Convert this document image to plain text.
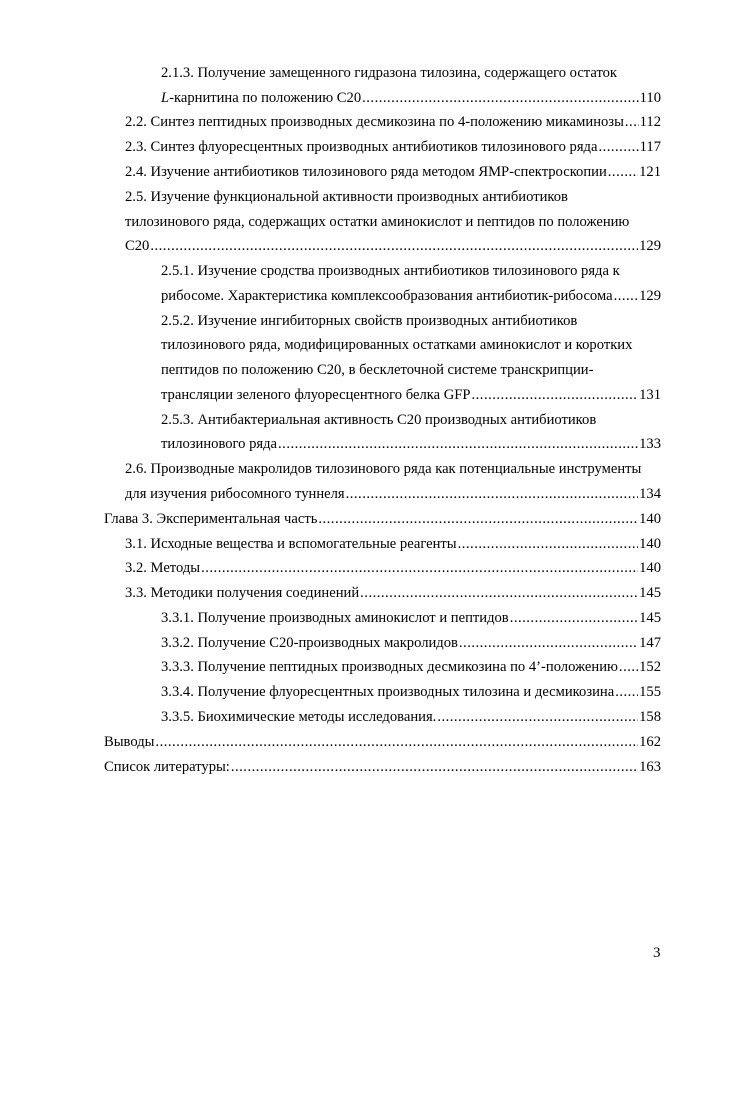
2.1.3. Получение замещенного гидразона тилозина, содержащего остаток
L-карнитина по положению С20 .....	110
2.2. Синтез пептидных производных десмикозина по 4-положению микаминозы ..... 112
2.3. Синтез флуоресцентных производных антибиотиков тилозинового ряда .....	117
2.4. Изучение антибиотиков тилозинового ряда методом ЯМР-спектроскопии ..... 121
2.5. Изучение функциональной активности производных антибиотиков
тилозинового ряда, содержащих остатки аминокислот и пептидов по положению
С20 .....	129
2.5.1. Изучение сродства производных антибиотиков тилозинового ряда к
рибосоме. Характеристика комплексообразования антибиотик-рибосома ..... 129
2.5.2. Изучение ингибиторных свойств производных антибиотиков
тилозинового ряда, модифицированных остатками аминокислот и коротких
пептидов по положению С20, в бесклеточной системе транскрипции-
трансляции зеленого флуоресцентного белка GFP .....	131
2.5.3. Антибактериальная активность С20 производных антибиотиков
тилозинового ряда .....	133
2.6. Производные макролидов тилозинового ряда как потенциальные инструменты
для изучения рибосомного туннеля .....	134
Глава 3. Экспериментальная часть .....	140
3.1. Исходные вещества и вспомогательные реагенты .....	140
3.2. Методы .....	140
3.3. Методики получения соединений .....	145
3.3.1. Получение производных аминокислот и пептидов .....	145
3.3.2. Получение С20-производных макролидов .....	147
3.3.3. Получение пептидных производных десмикозина по 4’-положению ..... 152
3.3.4. Получение флуоресцентных производных тилозина и десмикозина ..... 155
3.3.5. Биохимические методы исследования. .....	158
Выводы .....	162
Список литературы: .....	163
3
